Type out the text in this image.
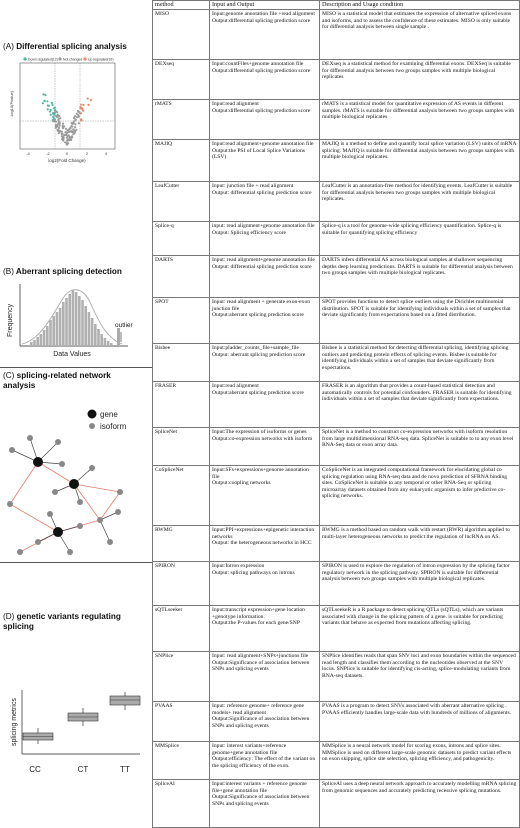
(A) Differential splicing analysis
Down regulated(12) Not changed Up regulated(16)
-log10(Pvalue)
-4	-2	0	2	4
log2(Fold Change)
(B) Aberrant splicing detection
Frequency	outlier
Data Values
(C) splicing-related network analysis
gene
isoform
(D) genetic variants regulating splicing
splicing metrics
CC	CT	TT
method	Input and Output	Description and Usage condition
MISO	Input:genome annotation file +read alignment
Output:differential splicing prediction score	MISO is a statistical model that estimates the expression of alternative spliced exons and isoforms, and to assess the confidence of these estimates. MISO is only suitable for differential analysis between single sample .
DEXseq	Input:countFiles+genome annotation file
Output:differential splicing prediction score	DEXseq is a statistical method for examining differential exons. DEXSeq is suitable for differential analysis between two groups samples with multiple biological replicates
rMATS	Input:read alignment
Output:differential splicing prediction score	rMATS is a statistical model for quantitative expression of AS events in different samples. rMATS is suitable for differential analysis between two groups samples with multiple biological replicates
MAJIQ	Input:read alignment+genome annotation file
Output:the PSI of Local Splice Variations (LSV)	MAJIQ is a method to define and quantify local splice variation (LSV) units of mRNA splicing. MAJIQ is suitable for differential analysis between two groups samples with multiple biological replicates.
LeafCutter	Input: junction file + read alignment
Output: differential splicing prediction score	LeafCutter is an annotation-free method for identifying events. LeafCutter is suitable for differential analysis between two groups samples with multiple biological replicates.
Splice-q	input: read alignment+genome annotation file
Output: Splicing efficiency score	Splice-q is a tool for genome-wide splicing efficiency quantification. Splice-q is suitable for quantifying splicing efficiency
DARTS	Input: read alignment+genome annotation file
Output: differential splicing prediction score	DARTS infers differential AS across biological samples at shallower sequencing depths deep learning predictions. DARTS is suitable for differential analysis between two groups samples with multiple biological replicates.
SPOT	Input: read alignment + generate exon-exon junction file
Output:aberrant splicing prediction score	SPOT provides functions to detect splice outliers using the Dirichlet multinomial distribution. SPOT is suitable for identifying individuals within a set of samples that deviate significantly from expectations based on a fitted distribution.
Bisbee	Input:pladder_counts_file+sample_file
Output: aberrant splicing prediction score	Bisbee is a statistical method for detecting differential splicing, identifying splicing outliers and predicting protein effects of splicing events. Bisbee is suitable for identifying individuals within a set of samples that deviate significantly from expectations.
FRASER	Input:read alignment
Output:aberrant splicing prediction score	FRASER is an algorithm that provides a count-based statistical detection and automatically controls for potential confounders. FRASER is suitable for identifying individuals within a set of samples that deviate significantly from expectations.
SpliceNet	Input:The expression of isoforms or genes
Output:co-expression networks with isoform	SpliceNet is a method to construct co-expression networks with isoform resolution from large multidimensional RNA-seq data. SpliceNet is suitable to to any exon level RNA-Seq data or exon array data.
CoSpliceNet	Input:SFs+expressions+genome annotation file
Output:coopling networks	CoSpliceNet is an integrated computational framework for elucidating global co splicing regulation using RNA-seq data and de novo prediction of SFRNA binding sites. CoSpliceNet is suitable to any temporal or other RNA-Seq or splicing microarray datasets obtained from any eukaryotic organism to infer predictive co-splicing networks.
RWMG	Input:PPI+expressions+epigenetic interaction networks
Output: the heterogeneous networks in HCC	RWMG is a method based on random walk with restart (RWR) algorithm applied to multi-layer heterogeneous networks to predict the regulation of lncRNA on AS.
SPIRON	Input:Intron expression
Output: splicing pathways on introns	SPIRON is used to explore the regulation of intron expression by the splicing factor regulatory network in the splicing pathway. SPIRON is suitable for differential analysis between two groups samples with multiple biological replicates.
sQTLseeker	Input:transcript expression+gene location +genotype information.
Output:the P-values for each gene/SNP	sQTLseekeR is a R package to detect splicing QTLs (sQTLs), which are variants associated with change in the splicing pattern of a gene. is suitable for predicting variants that behave as expected from mutations affecting splicing.
SNPlice	Input: read alignment+SNPs+junctions file
Output:Significance of association between SNPs and splicing events	SNPlice identifies reads that span SNV loci and exon boundaries within the sequenced read length and classifies them according to the nucleotides observed at the SNV locus. SNPlice is suitable for identifying cis-acting, splice-modulating variants from RNA-seq datasets.
PVAAS	Input: reference genome+ reference gene models+ read alignment
Output:Significance of association between SNPs and splicing events	PVAAS is a program to detect SNVs associated with aberrant alternative splicing . PVAAS efficiently handles large-scale data with hundreds of millions of alignments.
MMSplice	Input: interest variants+reference genome+gene annotation file
Output:efficiency: The effect of the variant on the splicing efficiency of the exon.	MMSplice is a neural network model for scoring exons, introns and splice sites. MMSplice is used on different large-scale genomic datasets to predict variant effects on exon skipping, splice site selection, splicing efficiency, and pathogenicity.
SpliceAI	Input:interest variants + reference genome file+gene annotation file
Output:Significance of association between SNPs and splicing events	SpliceAI uses a deep neural network approach to accurately modelling mRNA splicing from genomic sequences and accurately predicting recessive splicing mutations.
